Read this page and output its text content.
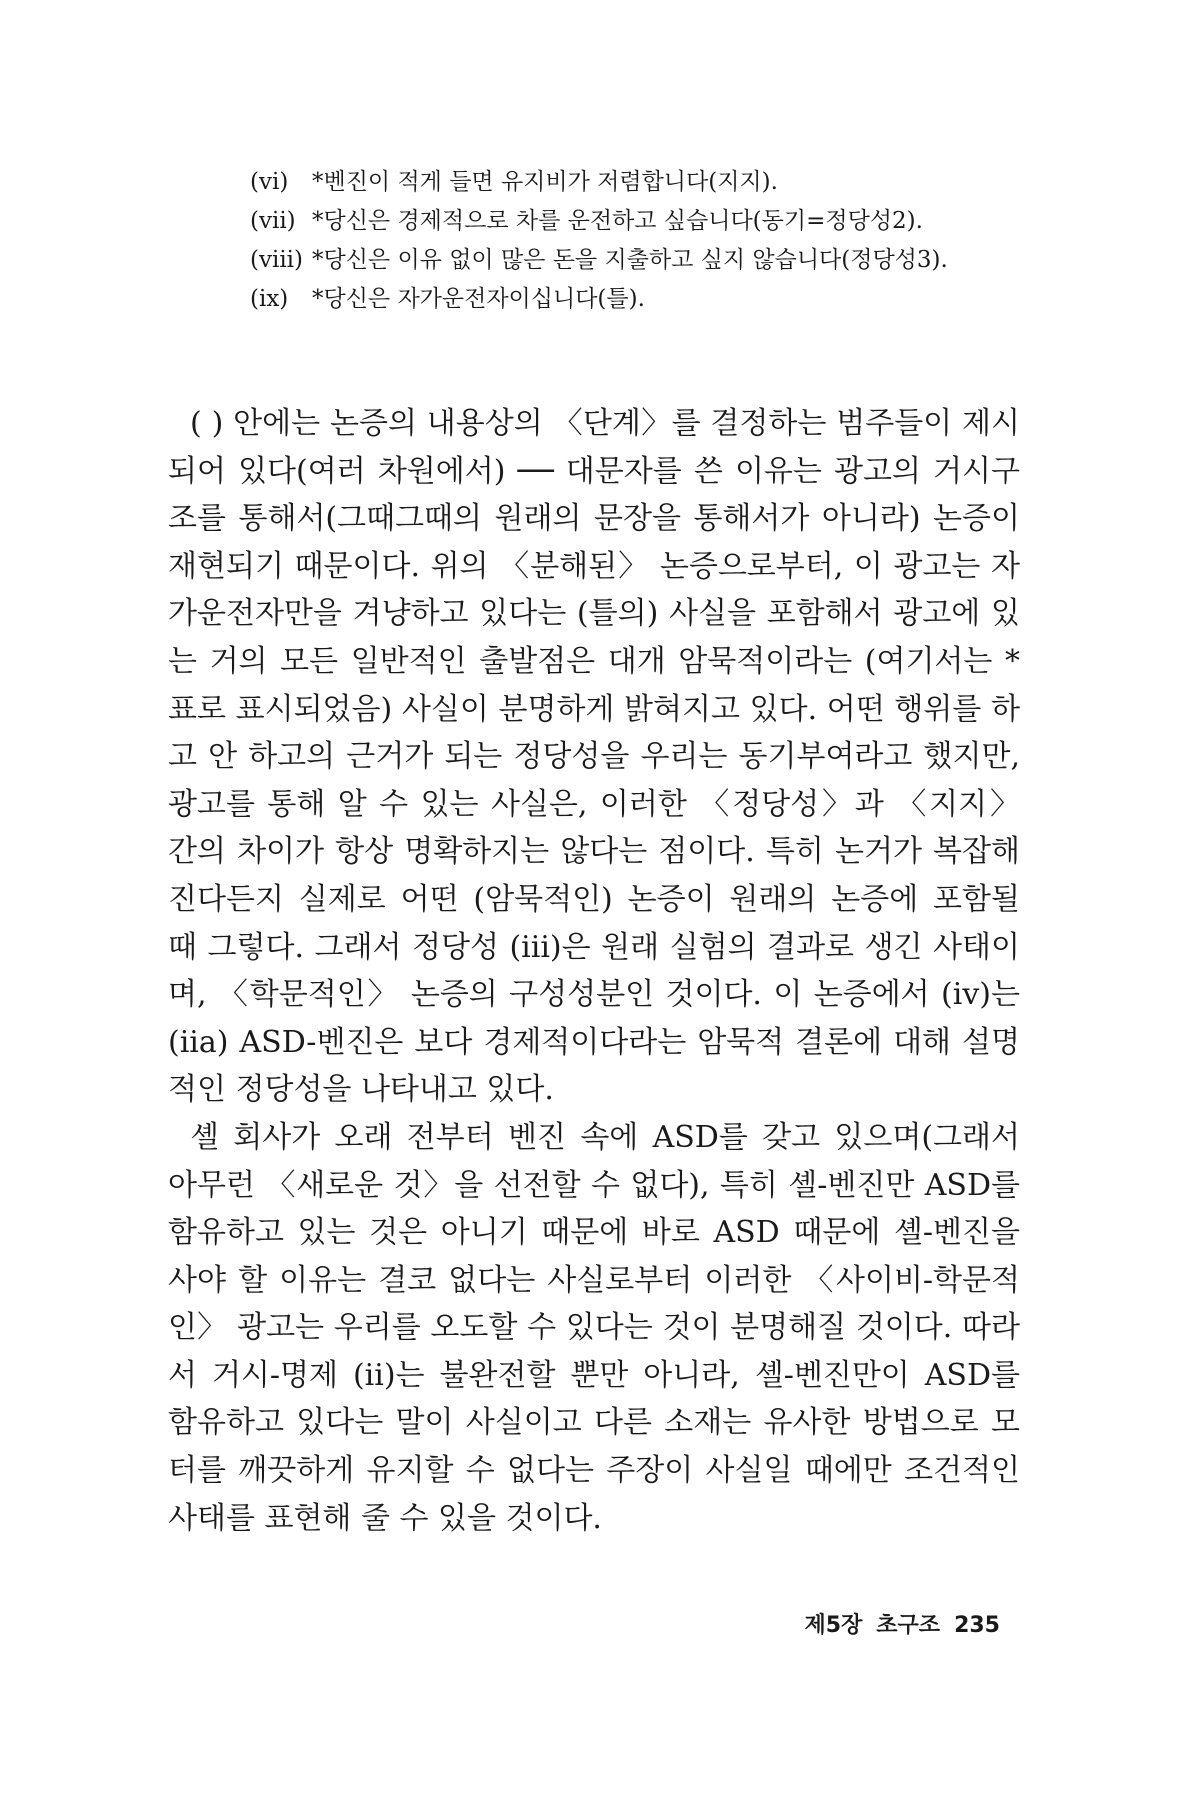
(vi)	*벤진이 적게 들면 유지비가 저렴합니다(지지).
(vii) *당신은 경제적으로 차를 운전하고 싶습니다(동기=정당성2).
(viii) *당신은 이유 없이 많은 돈을 지출하고 싶지 않습니다(정당성3).
(ix)	*당신은 자가운전자이십니다(틀).

( ) 안에는 논증의 내용상의 〈단계〉를 결정하는 범주들이 제시되어 있다(여러 차원에서) ── 대문자를 쓴 이유는 광고의 거시구조를 통해서(그때그때의 원래의 문장을 통해서가 아니라) 논증이 재현되기 때문이다. 위의 〈분해된〉 논증으로부터, 이 광고는 자가운전자만을 겨냥하고 있다는 (틀의) 사실을 포함해서 광고에 있는 거의 모든 일반적인 출발점은 대개 암묵적이라는 (여기서는 *표로 표시되었음) 사실이 분명하게 밝혀지고 있다. 어떤 행위를 하고 안 하고의 근거가 되는 정당성을 우리는 동기부여라고 했지만, 광고를 통해 알 수 있는 사실은, 이러한 〈정당성〉과 〈지지〉 간의 차이가 항상 명확하지는 않다는 점이다. 특히 논거가 복잡해진다든지 실제로 어떤 (암묵적인) 논증이 원래의 논증에 포함될 때 그렇다. 그래서 정당성 (iii)은 원래 실험의 결과로 생긴 사태이며, 〈학문적인〉 논증의 구성성분인 것이다. 이 논증에서 (iv)는 (iia) ASD-벤진은 보다 경제적이다라는 암묵적 결론에 대해 설명적인 정당성을 나타내고 있다.

셸 회사가 오래 전부터 벤진 속에 ASD를 갖고 있으며(그래서 아무런 〈새로운 것〉을 선전할 수 없다), 특히 셸-벤진만 ASD를 함유하고 있는 것은 아니기 때문에 바로 ASD 때문에 셸-벤진을 사야 할 이유는 결코 없다는 사실로부터 이러한 〈사이비-학문적인〉 광고는 우리를 오도할 수 있다는 것이 분명해질 것이다. 따라서 거시-명제 (ii)는 불완전할 뿐만 아니라, 셸-벤진만이 ASD를 함유하고 있다는 말이 사실이고 다른 소재는 유사한 방법으로 모터를 깨끗하게 유지할 수 없다는 주장이 사실일 때에만 조건적인 사태를 표현해 줄 수 있을 것이다.

제5장 초구조 235
